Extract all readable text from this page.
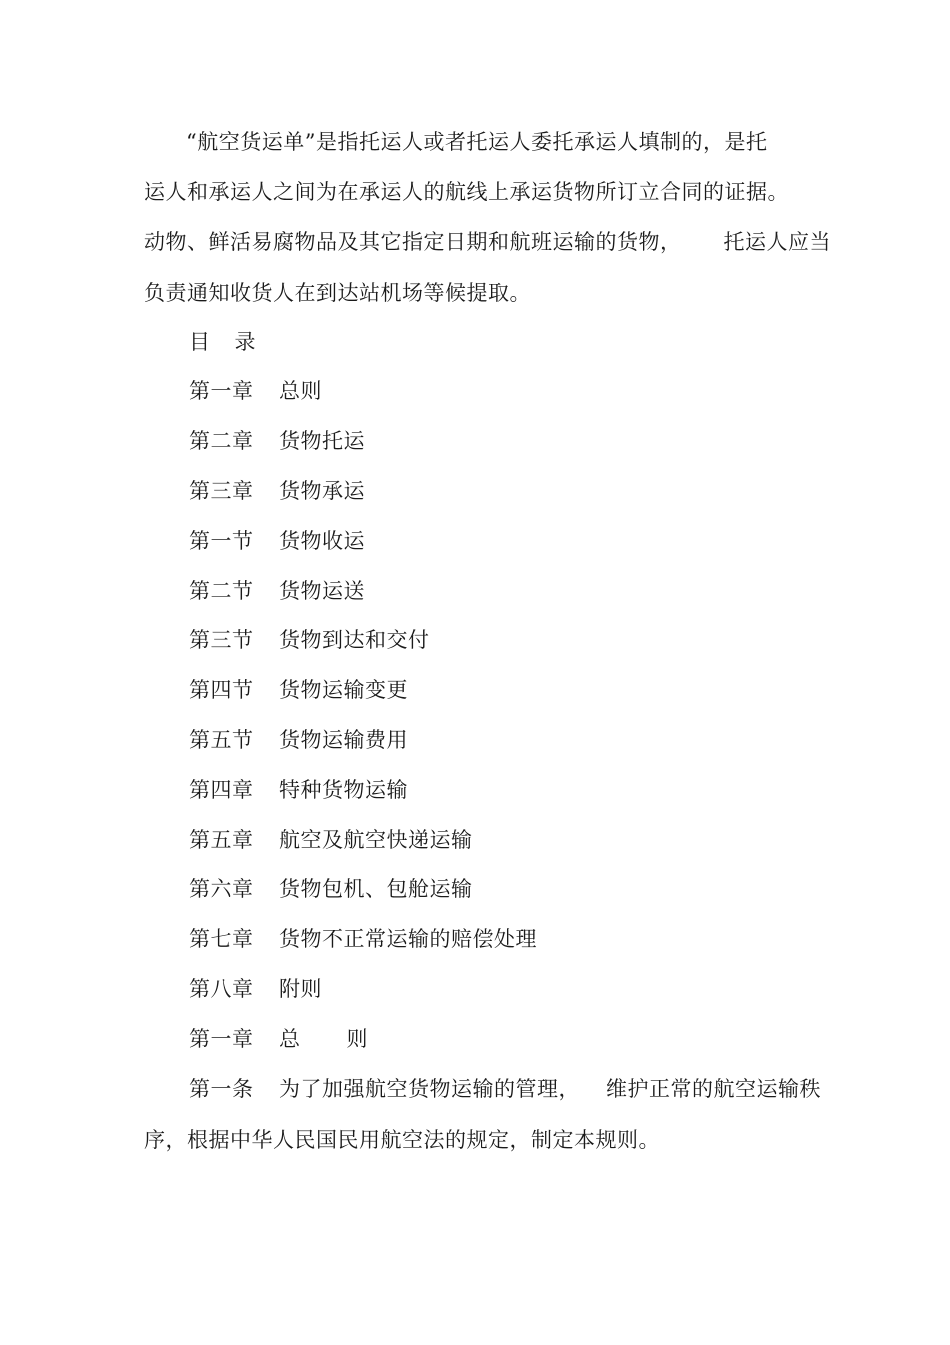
“航空货运单”是指托运人或者托运人委托承运人填制的，是托
运人和承运人之间为在承运人的航线上承运货物所订立合同的证据。
动物、鲜活易腐物品及其它指定日期和航班运输的货物， 托运人应当
负责通知收货人在到达站机场等候提取。
目 录
第一章 总则
第二章 货物托运
第三章 货物承运
第一节 货物收运
第二节 货物运送
第三节 货物到达和交付
第四节 货物运输变更
第五节 货物运输费用
第四章 特种货物运输
第五章 航空及航空快递运输
第六章 货物包机、包舱运输
第七章 货物不正常运输的赔偿处理
第八章 附则
第一章 总 则
第一条 为了加强航空货物运输的管理， 维护正常的航空运输秩
序，根据中华人民国民用航空法的规定，制定本规则。
